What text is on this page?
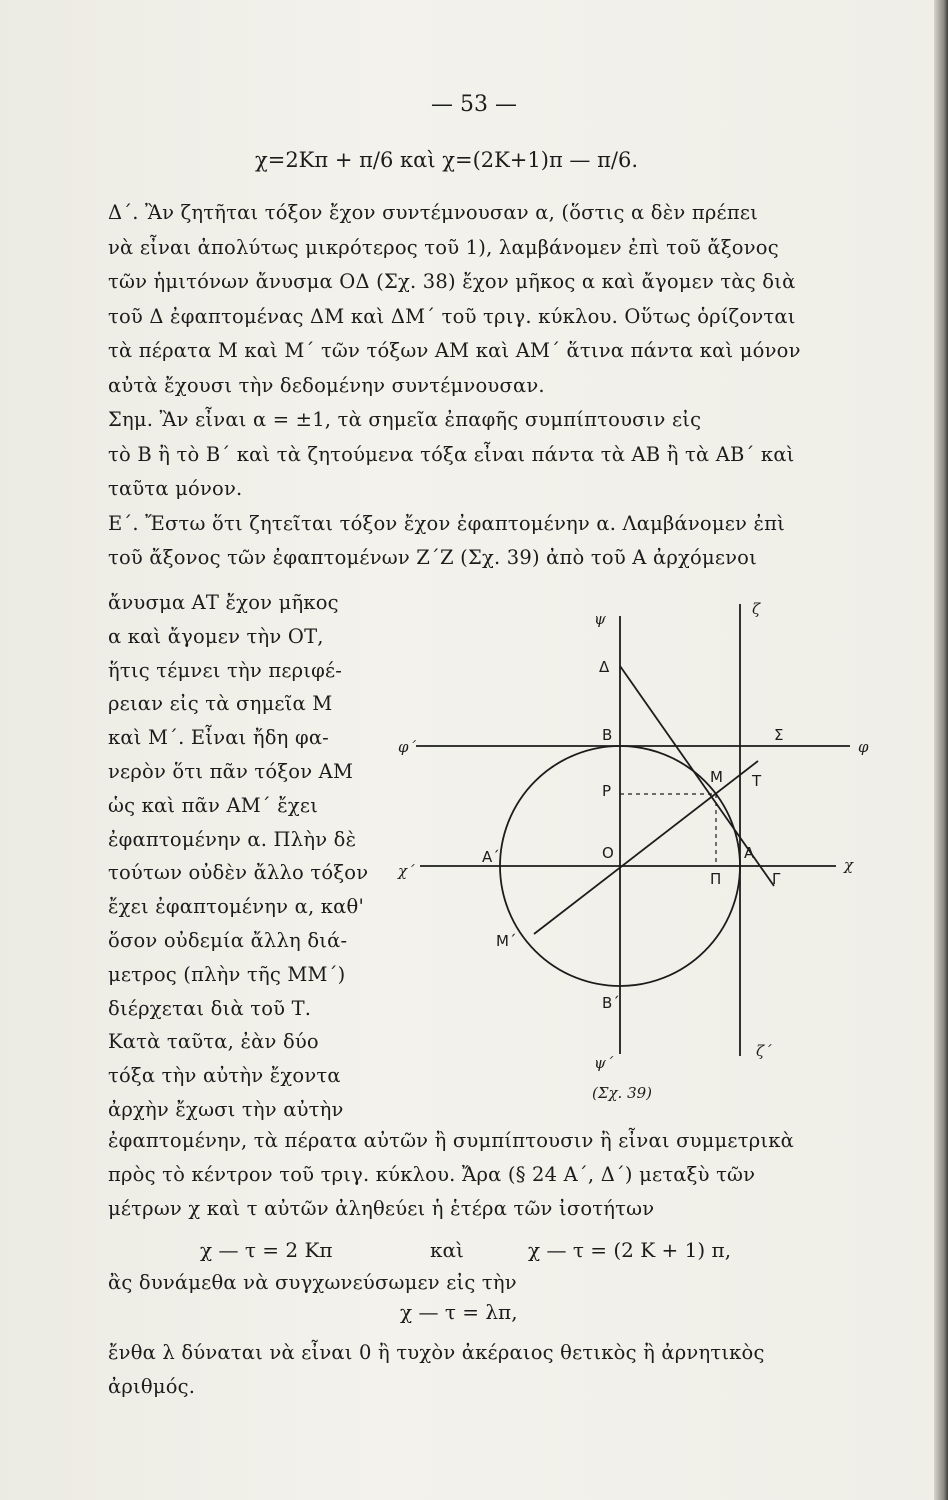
— 53 —
χ=2Κπ + π/6 καὶ χ=(2Κ+1)π — π/6.
Δ΄. Ἂν ζητῆται τόξον ἔχον συντέμνουσαν α, (ὅστις α δὲν πρέπει
νὰ εἶναι ἀπολύτως μικρότερος τοῦ 1), λαμβάνομεν ἐπὶ τοῦ ἄξονος
τῶν ἡμιτόνων ἄνυσμα ΟΔ (Σχ. 38) ἔχον μῆκος α καὶ ἄγομεν τὰς διὰ
τοῦ Δ ἐφαπτομένας ΔΜ καὶ ΔΜ΄ τοῦ τριγ. κύκλου. Οὕτως ὁρίζονται
τὰ πέρατα Μ καὶ Μ΄ τῶν τόξων ΑΜ καὶ ΑΜ΄ ἅτινα πάντα καὶ μόνον
αὐτὰ ἔχουσι τὴν δεδομένην συντέμνουσαν.
Σημ. Ἂν εἶναι α = ±1, τὰ σημεῖα ἐπαφῆς συμπίπτουσιν εἰς
τὸ Β ἢ τὸ Β΄ καὶ τὰ ζητούμενα τόξα εἶναι πάντα τὰ ΑΒ ἢ τὰ ΑΒ΄ καὶ
ταῦτα μόνον.
Ε΄. Ἔστω ὅτι ζητεῖται τόξον ἔχον ἐφαπτομένην α. Λαμβάνομεν ἐπὶ
τοῦ ἄξονος τῶν ἐφαπτομένων Ζ΄Ζ (Σχ. 39) ἀπὸ τοῦ Α ἀρχόμενοι
ἄνυσμα ΑΤ ἔχον μῆκος
α καὶ ἄγομεν τὴν ΟΤ,
ἥτις τέμνει τὴν περιφέ-
ρειαν εἰς τὰ σημεῖα Μ
καὶ Μ΄. Εἶναι ἤδη φα-
νερὸν ὅτι πᾶν τόξον ΑΜ
ὡς καὶ πᾶν ΑΜ΄ ἔχει
ἐφαπτομένην α. Πλὴν δὲ
τούτων οὐδὲν ἄλλο τόξον
ἔχει ἐφαπτομένην α, καθ'
ὅσον οὐδεμία ἄλλη διά-
μετρος (πλὴν τῆς ΜΜ΄)
διέρχεται διὰ τοῦ Τ.
Κατὰ ταῦτα, ἐὰν δύο
τόξα τὴν αὐτὴν ἔχοντα
ἀρχὴν ἔχωσι τὴν αὐτὴν
ἐφαπτομένην, τὰ πέρατα αὐτῶν ἢ συμπίπτουσιν ἢ εἶναι συμμετρικὰ
πρὸς τὸ κέντρον τοῦ τριγ. κύκλου. Ἄρα (§ 24 Α΄, Δ΄) μεταξὺ τῶν
μέτρων χ καὶ τ αὐτῶν ἀληθεύει ἡ ἑτέρα τῶν ἰσοτήτων
χ — τ = 2 Κπ	καὶ	χ — τ = (2 Κ + 1) π,
ἂς δυνάμεθα νὰ συγχωνεύσωμεν εἰς τὴν
χ — τ = λπ,
ἔνθα λ δύναται νὰ εἶναι 0 ἢ τυχὸν ἀκέραιος θετικὸς ἢ ἀρνητικὸς
ἀριθμός.
ψ
ζ
Δ
Β	Σ
φ΄	φ
Μ Τ
Ρ
Α΄	Ο	Α
χ΄	χ
Π	Γ
Μ΄
Β΄
ψ΄
ζ΄
(Σχ. 39)
